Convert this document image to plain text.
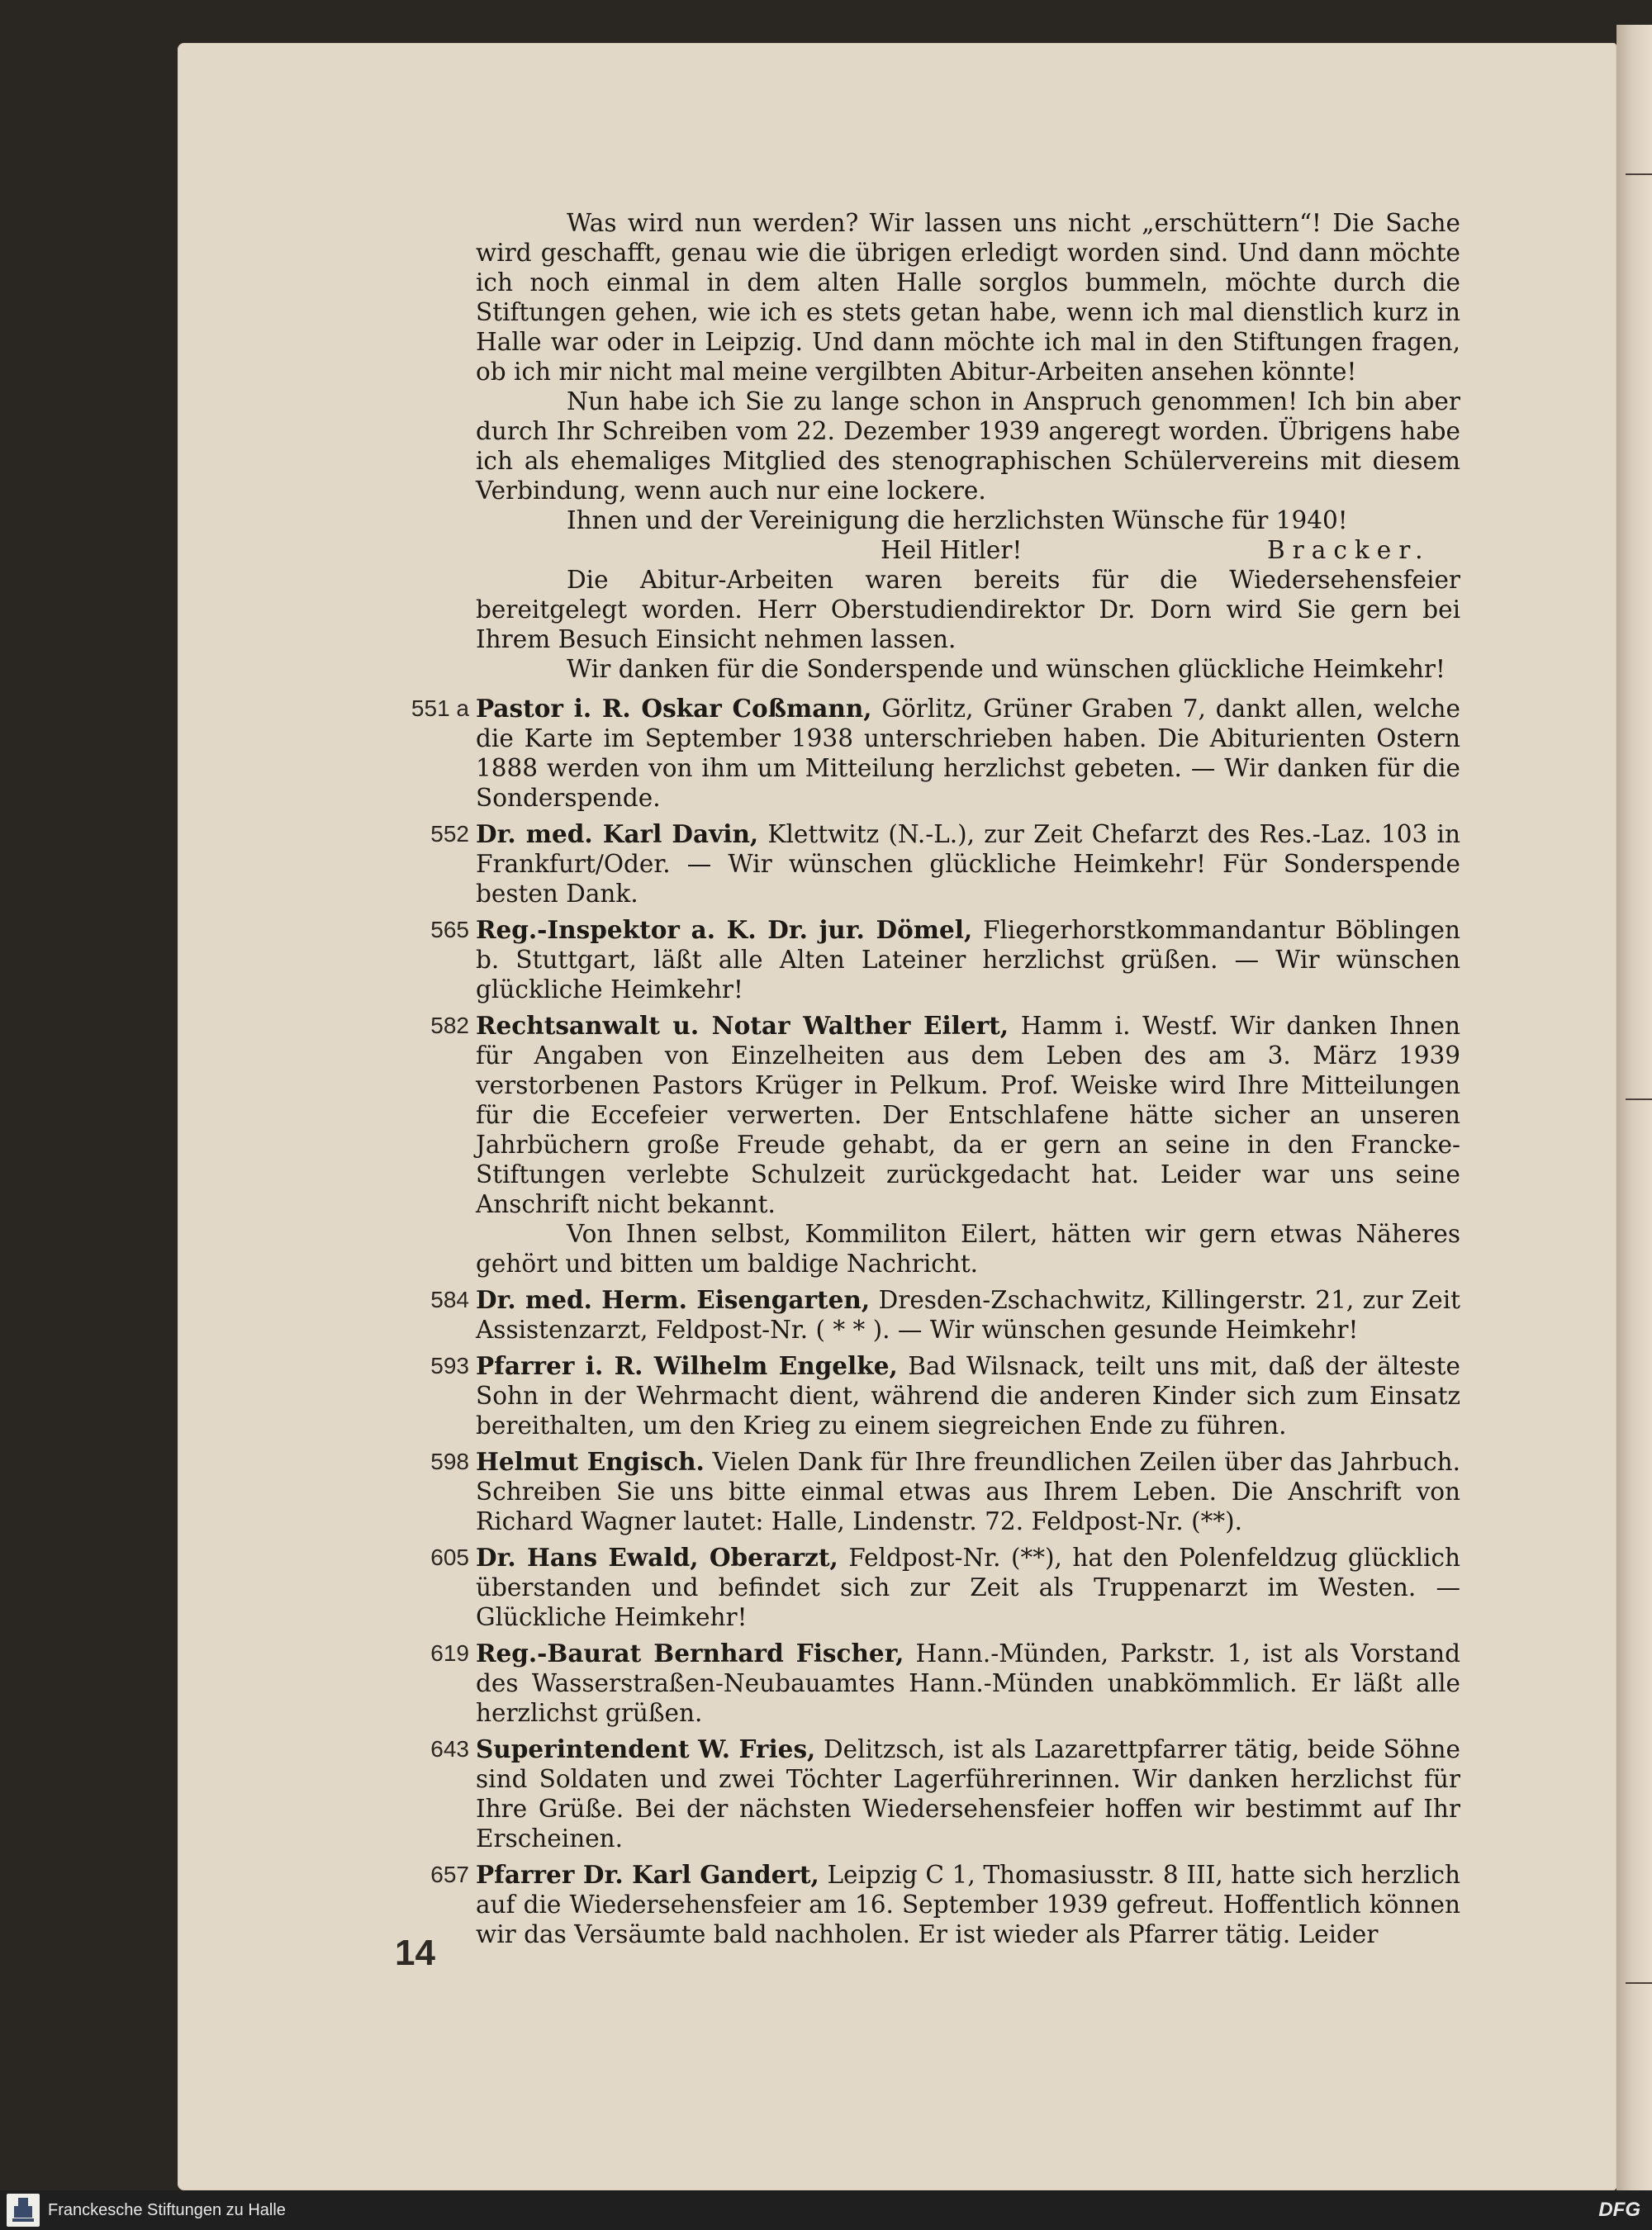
Was wird nun werden? Wir lassen uns nicht „erschüttern“! Die Sache wird geschafft, genau wie die übrigen erledigt worden sind. Und dann möchte ich noch einmal in dem alten Halle sorglos bummeln, möchte durch die Stiftungen gehen, wie ich es stets getan habe, wenn ich mal dienstlich kurz in Halle war oder in Leipzig. Und dann möchte ich mal in den Stiftungen fragen, ob ich mir nicht mal meine vergilbten Abitur-Arbeiten ansehen könnte!

Nun habe ich Sie zu lange schon in Anspruch genommen! Ich bin aber durch Ihr Schreiben vom 22. Dezember 1939 angeregt worden. Übrigens habe ich als ehemaliges Mitglied des stenographischen Schülervereins mit diesem Verbindung, wenn auch nur eine lockere.

Ihnen und der Vereinigung die herzlichsten Wünsche für 1940!

Heil Hitler!	Bracker.

Die Abitur-Arbeiten waren bereits für die Wiedersehensfeier bereitgelegt worden. Herr Oberstudiendirektor Dr. Dorn wird Sie gern bei Ihrem Besuch Einsicht nehmen lassen.

Wir danken für die Sonderspende und wünschen glückliche Heimkehr!

551 a Pastor i. R. Oskar Coßmann, Görlitz, Grüner Graben 7, dankt allen, welche die Karte im September 1938 unterschrieben haben. Die Abiturienten Ostern 1888 werden von ihm um Mitteilung herzlichst gebeten. — Wir danken für die Sonderspende.
552 Dr. med. Karl Davin, Klettwitz (N.-L.), zur Zeit Chefarzt des Res.-Laz. 103 in Frankfurt/Oder. — Wir wünschen glückliche Heimkehr! Für Sonderspende besten Dank.
565 Reg.-Inspektor a. K. Dr. jur. Dömel, Fliegerhorstkommandantur Böblingen b. Stuttgart, läßt alle Alten Lateiner herzlichst grüßen. — Wir wünschen glückliche Heimkehr!
582 Rechtsanwalt u. Notar Walther Eilert, Hamm i. Westf. Wir danken Ihnen für Angaben von Einzelheiten aus dem Leben des am 3. März 1939 verstorbenen Pastors Krüger in Pelkum. Prof. Weiske wird Ihre Mitteilungen für die Eccefeier verwerten. Der Entschlafene hätte sicher an unseren Jahrbüchern große Freude gehabt, da er gern an seine in den Francke-Stiftungen verlebte Schulzeit zurückgedacht hat. Leider war uns seine Anschrift nicht bekannt.
Von Ihnen selbst, Kommiliton Eilert, hätten wir gern etwas Näheres gehört und bitten um baldige Nachricht.
584 Dr. med. Herm. Eisengarten, Dresden-Zschachwitz, Killingerstr. 21, zur Zeit Assistenzarzt, Feldpost-Nr. ( * * ). — Wir wünschen gesunde Heimkehr!
593 Pfarrer i. R. Wilhelm Engelke, Bad Wilsnack, teilt uns mit, daß der älteste Sohn in der Wehrmacht dient, während die anderen Kinder sich zum Einsatz bereithalten, um den Krieg zu einem siegreichen Ende zu führen.
598 Helmut Engisch. Vielen Dank für Ihre freundlichen Zeilen über das Jahrbuch. Schreiben Sie uns bitte einmal etwas aus Ihrem Leben. Die Anschrift von Richard Wagner lautet: Halle, Lindenstr. 72. Feldpost-Nr. (**).
605 Dr. Hans Ewald, Oberarzt, Feldpost-Nr. (**), hat den Polenfeldzug glücklich überstanden und befindet sich zur Zeit als Truppenarzt im Westen. — Glückliche Heimkehr!
619 Reg.-Baurat Bernhard Fischer, Hann.-Münden, Parkstr. 1, ist als Vorstand des Wasserstraßen-Neubauamtes Hann.-Münden unabkömmlich. Er läßt alle herzlichst grüßen.
643 Superintendent W. Fries, Delitzsch, ist als Lazarettpfarrer tätig, beide Söhne sind Soldaten und zwei Töchter Lagerführerinnen. Wir danken herzlichst für Ihre Grüße. Bei der nächsten Wiedersehensfeier hoffen wir bestimmt auf Ihr Erscheinen.
657 Pfarrer Dr. Karl Gandert, Leipzig C 1, Thomasiusstr. 8 III, hatte sich herzlich auf die Wiedersehensfeier am 16. September 1939 gefreut. Hoffentlich können wir das Versäumte bald nachholen. Er ist wieder als Pfarrer tätig. Leider
14
Franckesche Stiftungen zu Halle	DFG
